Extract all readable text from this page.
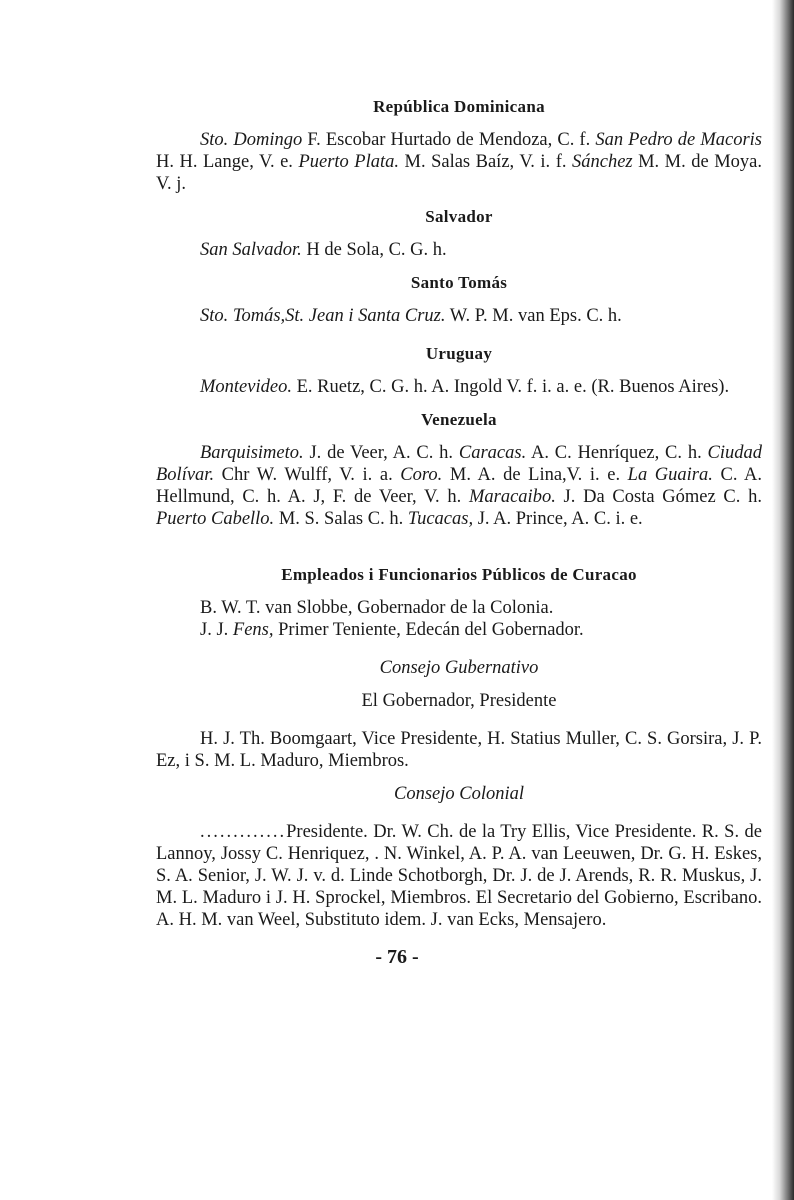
República Dominicana

Sto. Domingo F. Escobar Hurtado de Mendoza, C. f. San Pedro de Macoris H. H. Lange, V. e. Puerto Plata. M. Salas Baíz, V. i. f. Sánchez M. M. de Moya. V. j.

Salvador

San Salvador. H de Sola, C. G. h.

Santo Tomás

Sto. Tomás,St. Jean i Santa Cruz. W. P. M. van Eps. C. h.

Uruguay

Montevideo. E. Ruetz, C. G. h. A. Ingold V. f. i. a. e. (R. Buenos Aires).

Venezuela

Barquisimeto. J. de Veer, A. C. h. Caracas. A. C. Henríquez, C. h. Ciudad Bolívar. Chr W. Wulff, V. i. a. Coro. M. A. de Lina,V. i. e. La Guaira. C. A. Hellmund, C. h. A. J, F. de Veer, V. h. Maracaibo. J. Da Costa Gómez C. h. Puerto Cabello. M. S. Salas C. h. Tucacas, J. A. Prince, A. C. i. e.

Empleados i Funcionarios Públicos de Curacao

B. W. T. van Slobbe, Gobernador de la Colonia.

J. J. Fens, Primer Teniente, Edecán del Gobernador.

Consejo Gubernativo

El Gobernador, Presidente

H. J. Th. Boomgaart, Vice Presidente, H. Statius Muller, C. S. Gorsira, J. P. Ez, i S. M. L. Maduro, Miembros.

Consejo Colonial

.............Presidente. Dr. W. Ch. de la Try Ellis, Vice Presidente. R. S. de Lannoy, Jossy C. Henriquez, . N. Winkel, A. P. A. van Leeuwen, Dr. G. H. Eskes, S. A. Senior, J. W. J. v. d. Linde Schotborgh, Dr. J. de J. Arends, R. R. Muskus, J. M. L. Maduro i J. H. Sprockel, Miembros. El Secretario del Gobierno, Escribano. A. H. M. van Weel, Substituto idem. J. van Ecks, Mensajero.

- 76 -
